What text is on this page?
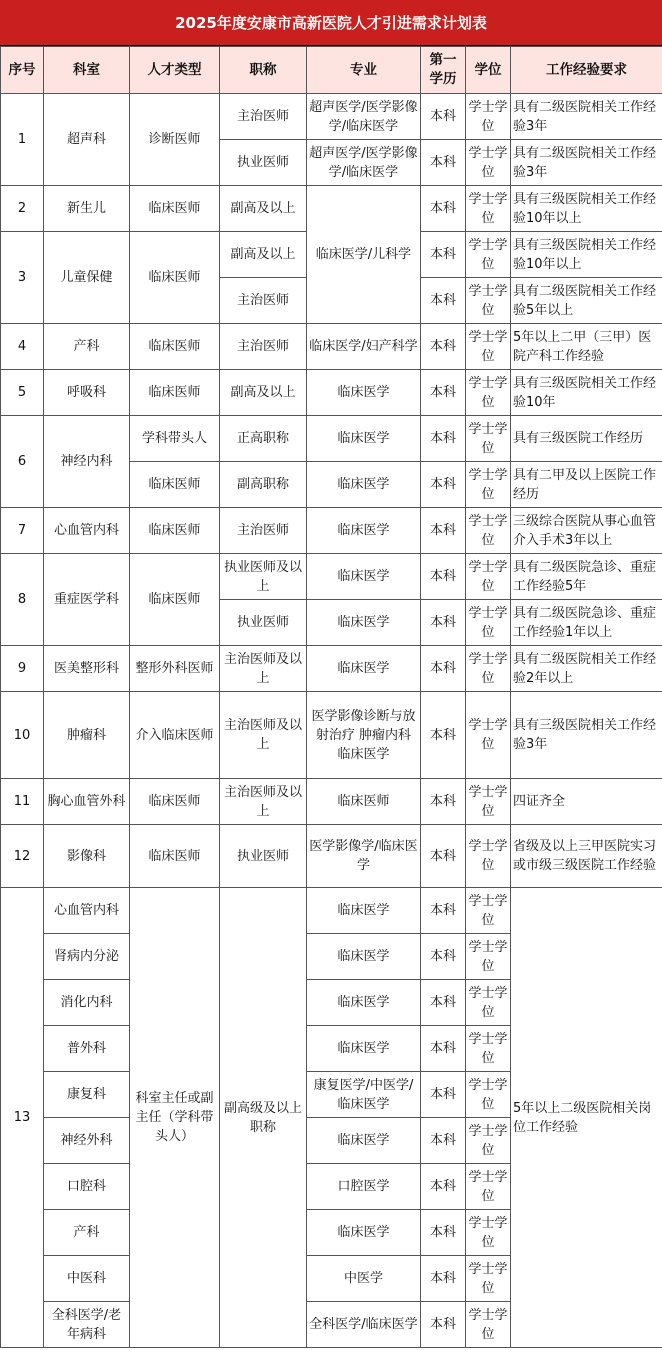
2025年度安康市高新医院人才引进需求计划表
序号	科室	人才类型	职称	专业	第一学历	学位	工作经验要求
1	超声科	诊断医师	主治医师	超声医学/医学影像学/临床医学	本科	学士学位	具有二级医院相关工作经验3年
			执业医师	超声医学/医学影像学/临床医学	本科	学士学位	具有二级医院相关工作经验3年
2	新生儿	临床医师	副高及以上	临床医学/儿科学	本科	学士学位	具有三级医院相关工作经验10年以上
3	儿童保健	临床医师	副高及以上		本科	学士学位	具有三级医院相关工作经验10年以上
			主治医师		本科	学士学位	具有二级医院相关工作经验5年以上
4	产科	临床医师	主治医师	临床医学/妇产科学	本科	学士学位	5年以上二甲（三甲）医院产科工作经验
5	呼吸科	临床医师	副高及以上	临床医学	本科	学士学位	具有三级医院相关工作经验10年
6	神经内科	学科带头人	正高职称	临床医学	本科	学士学位	具有三级医院工作经历
		临床医师	副高职称	临床医学	本科	学士学位	具有二甲及以上医院工作经历
7	心血管内科	临床医师	主治医师	临床医学	本科	学士学位	三级综合医院从事心血管介入手术3年以上
8	重症医学科	临床医师	执业医师及以上	临床医学	本科	学士学位	具有二级医院急诊、重症工作经验5年
			执业医师	临床医学	本科	学士学位	具有二级医院急诊、重症工作经验1年以上
9	医美整形科	整形外科医师	主治医师及以上	临床医学	本科	学士学位	具有二级医院相关工作经验2年以上
10	肿瘤科	介入临床医师	主治医师及以上	医学影像诊断与放射治疗 肿瘤内科 临床医学	本科	学士学位	具有三级医院相关工作经验3年
11	胸心血管外科	临床医师	主治医师及以上	临床医师	本科	学士学位	四证齐全
12	影像科	临床医师	执业医师	医学影像学/临床医学	本科	学士学位	省级及以上三甲医院实习或市级三级医院工作经验
13	心血管内科	科室主任或副主任（学科带头人）	副高级及以上职称	临床医学	本科	学士学位	5年以上二级医院相关岗位工作经验
	肾病内分泌			临床医学	本科	学士学位	
	消化内科			临床医学	本科	学士学位	
	普外科			临床医学	本科	学士学位	
	康复科			康复医学/中医学/临床医学	本科	学士学位	
	神经外科			临床医学	本科	学士学位	
	口腔科			口腔医学	本科	学士学位	
	产科			临床医学	本科	学士学位	
	中医科			中医学	本科	学士学位	
	全科医学/老年病科			全科医学/临床医学	本科	学士学位	
